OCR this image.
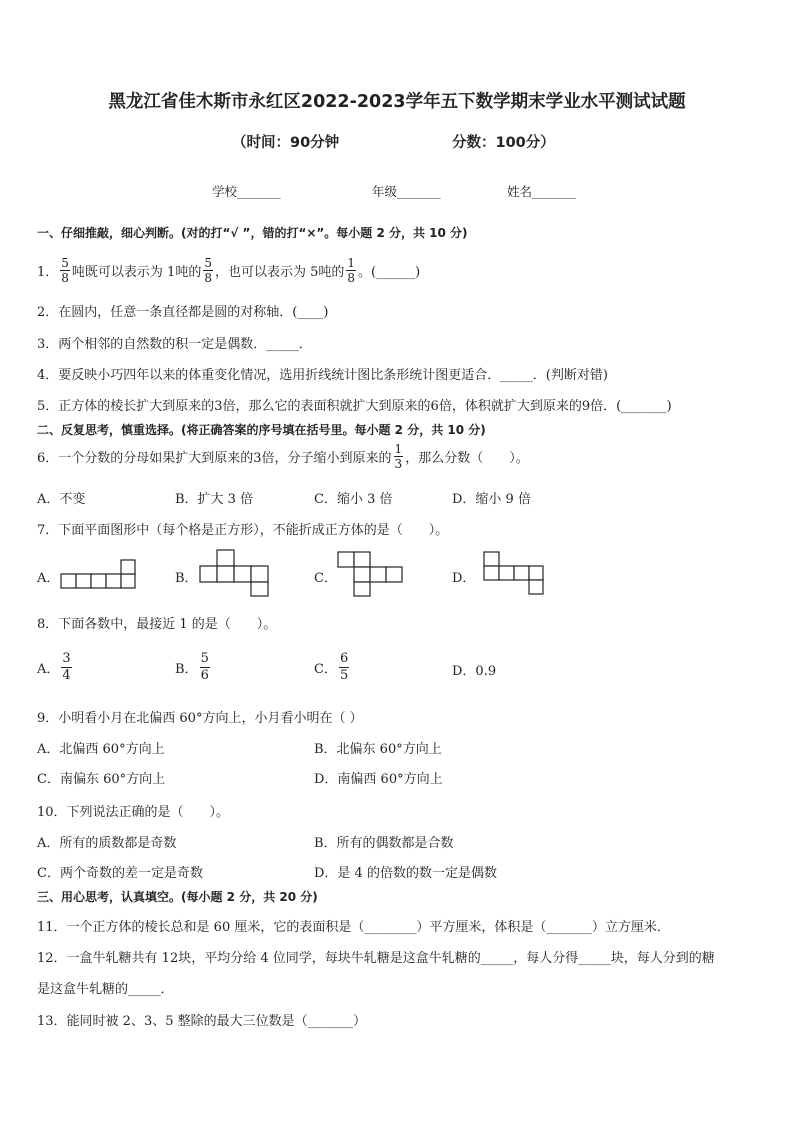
黑龙江省佳木斯市永红区2022-2023学年五下数学期末学业水平测试试题
（时间：90分钟	分数：100分）
学校_______	年级_______	姓名_______
一、仔细推敲，细心判断。(对的打“√ ”，错的打“×”。每小题 2 分，共 10 分)
1． $\frac{5}{8}$ 吨既可以表示为 1吨的 $\frac{5}{8}$ ，也可以表示为 5吨的 $\frac{1}{8}$ 。(______)
2．在圆内，任意一条直径都是圆的对称轴．(____)
3．两个相邻的自然数的积一定是偶数．_____．
4．要反映小巧四年以来的体重变化情况，选用折线统计图比条形统计图更适合．_____．(判断对错)
5．正方体的棱长扩大到原来的3倍，那么它的表面积就扩大到原来的6倍，体积就扩大到原来的9倍．(_______)
二、反复思考，慎重选择。(将正确答案的序号填在括号里。每小题 2 分，共 10 分)
6．一个分数的分母如果扩大到原来的3倍，分子缩小到原来的 $\frac{1}{3}$ ，那么分数（　　）。
A．不变	B．扩大 3 倍	C．缩小 3 倍	D．缩小 9 倍
7．下面平面图形中（每个格是正方形），不能折成正方体的是（　　）。
A．	B．	C．	D．
8．下面各数中，最接近 1 的是（　　）。
A． $\frac{3}{4}$	B． $\frac{5}{6}$	C． $\frac{6}{5}$	D．0.9
9．小明看小月在北偏西 60°方向上，小月看小明在（ ）
A．北偏西 60°方向上	B．北偏东 60°方向上
C．南偏东 60°方向上	D．南偏西 60°方向上
10．下列说法正确的是（　　）。
A．所有的质数都是奇数	B．所有的偶数都是合数
C．两个奇数的差一定是奇数	D．是 4 的倍数的数一定是偶数
三、用心思考，认真填空。(每小题 2 分，共 20 分)
11．一个正方体的棱长总和是 60 厘米，它的表面积是（________）平方厘米，体积是（_______）立方厘米．
12．一盒牛轧糖共有 12块，平均分给 4 位同学，每块牛轧糖是这盒牛轧糖的_____，每人分得_____块，每人分到的糖
是这盒牛轧糖的_____．
13．能同时被 2、3、5 整除的最大三位数是（_______）
